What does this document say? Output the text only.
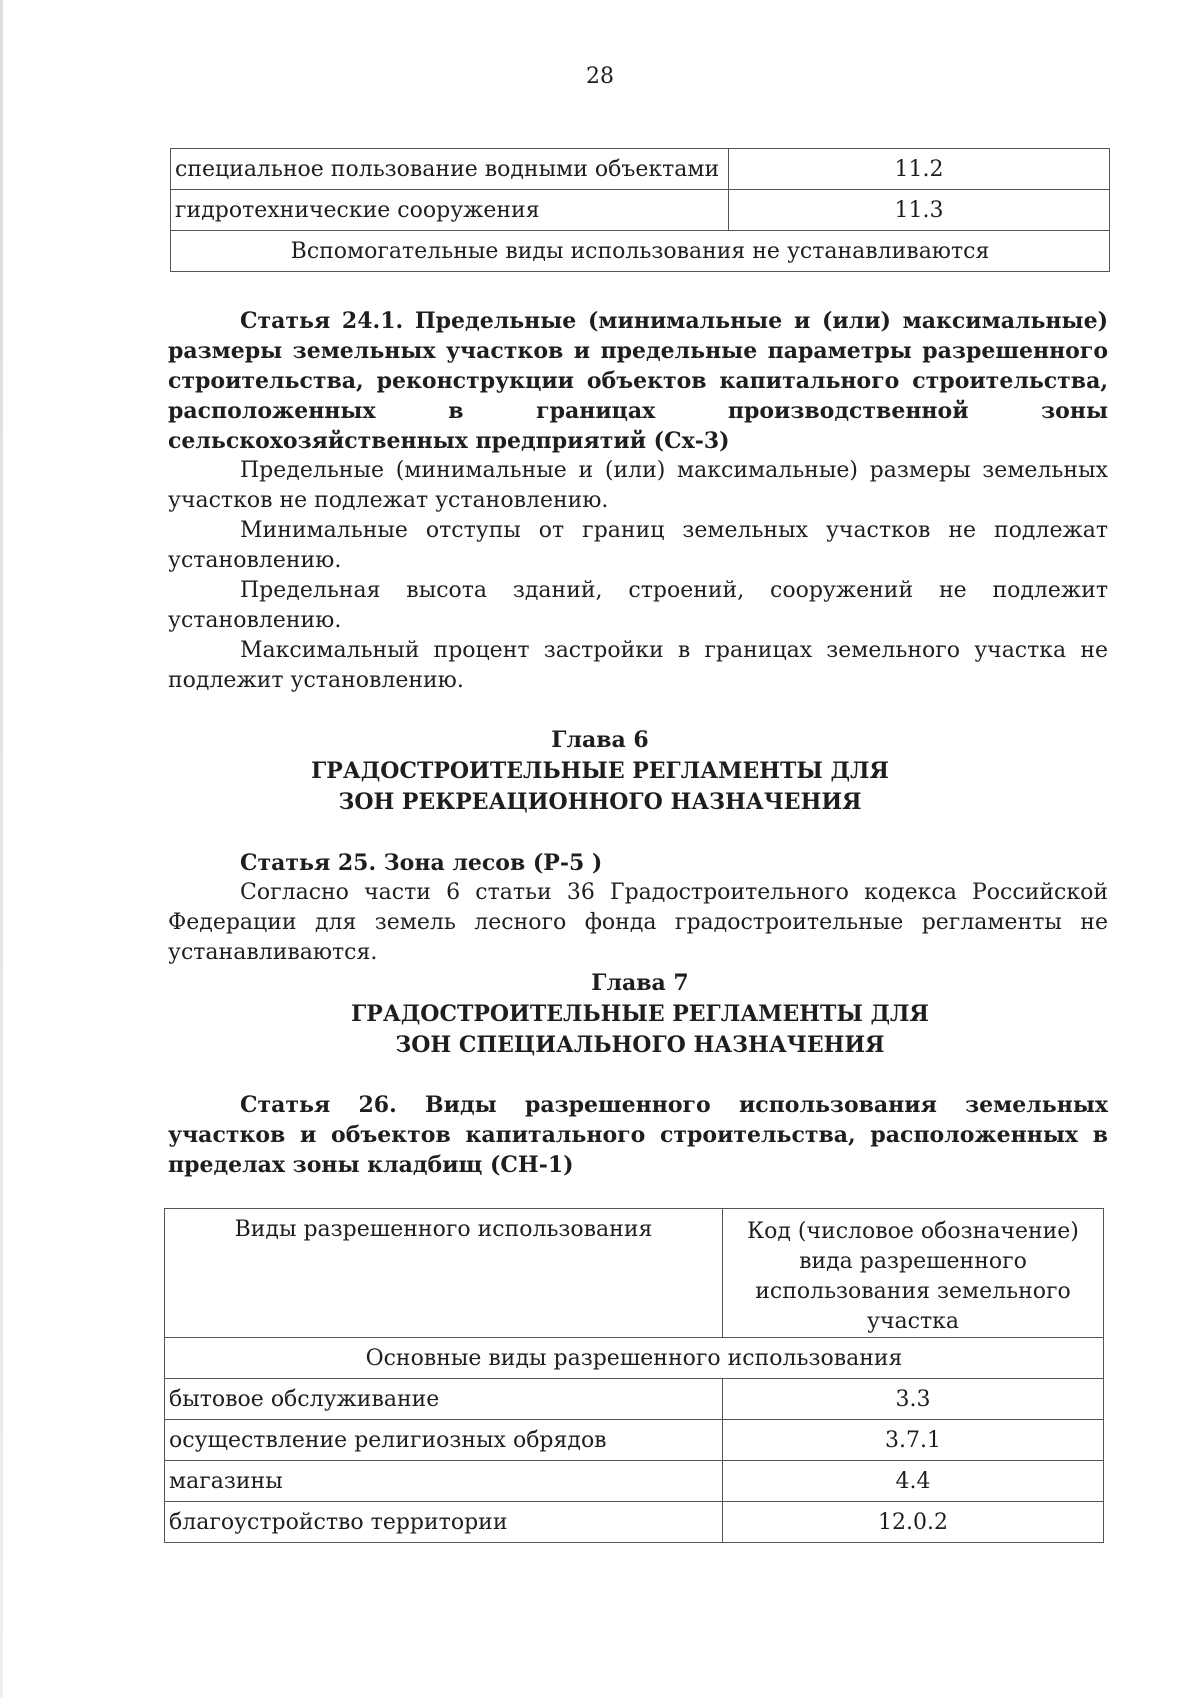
28
специальное пользование водными объектами	11.2
гидротехнические сооружения	11.3
Вспомогательные виды использования не устанавливаются	

Статья 24.1. Предельные (минимальные и (или) максимальные) размеры земельных участков и предельные параметры разрешенного строительства, реконструкции объектов капитального строительства, расположенных в границах производственной зоны сельскохозяйственных предприятий (Сх-3)

Предельные (минимальные и (или) максимальные) размеры земельных участков не подлежат установлению.

Минимальные отступы от границ земельных участков не подлежат установлению.

Предельная высота зданий, строений, сооружений не подлежит установлению.

Максимальный процент застройки в границах земельного участка не подлежит установлению.

Глава 6
ГРАДОСТРОИТЕЛЬНЫЕ РЕГЛАМЕНТЫ ДЛЯ
ЗОН РЕКРЕАЦИОННОГО НАЗНАЧЕНИЯ

Статья 25. Зона лесов (Р-5 )

Согласно части 6 статьи 36 Градостроительного кодекса Российской Федерации для земель лесного фонда градостроительные регламенты не устанавливаются.

Глава 7
ГРАДОСТРОИТЕЛЬНЫЕ РЕГЛАМЕНТЫ ДЛЯ
ЗОН СПЕЦИАЛЬНОГО НАЗНАЧЕНИЯ

Статья 26. Виды разрешенного использования земельных участков и объектов капитального строительства, расположенных в пределах зоны кладбищ (СН-1)

Виды разрешенного использования	Код (числовое обозначение) вида разрешенного использования земельного участка
Основные виды разрешенного использования	
бытовое обслуживание	3.3
осуществление религиозных обрядов	3.7.1
магазины	4.4
благоустройство территории	12.0.2
